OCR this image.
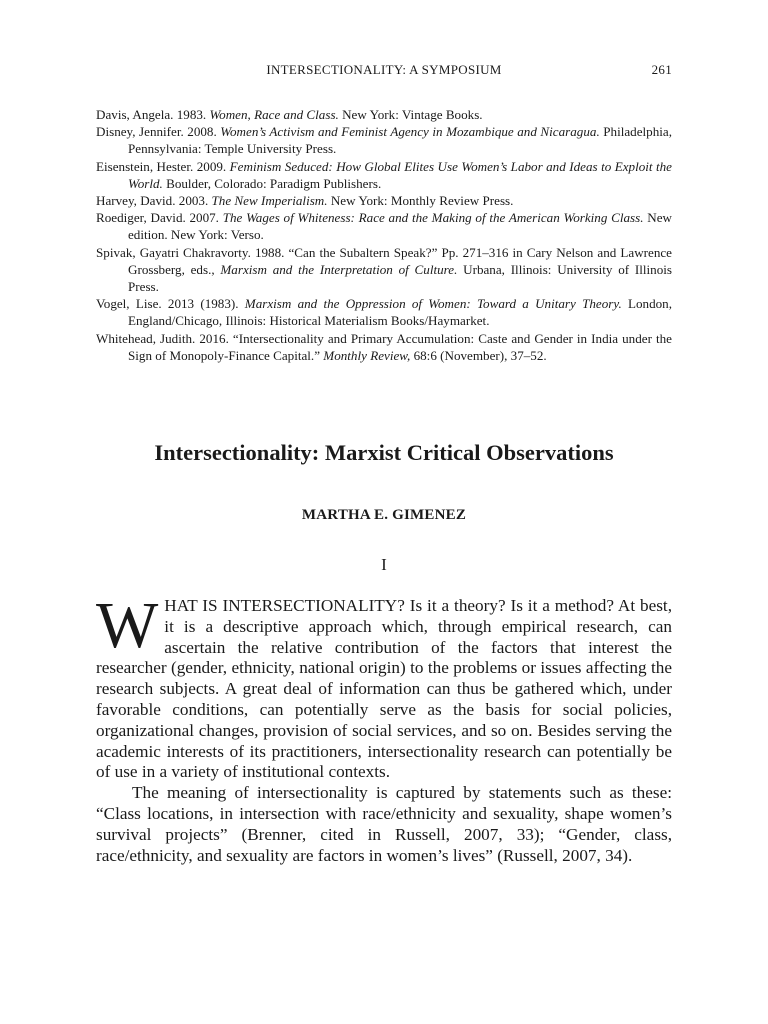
INTERSECTIONALITY: A SYMPOSIUM	261
Davis, Angela. 1983. Women, Race and Class. New York: Vintage Books.
Disney, Jennifer. 2008. Women’s Activism and Feminist Agency in Mozambique and Nicaragua. Philadelphia, Pennsylvania: Temple University Press.
Eisenstein, Hester. 2009. Feminism Seduced: How Global Elites Use Women’s Labor and Ideas to Exploit the World. Boulder, Colorado: Paradigm Publishers.
Harvey, David. 2003. The New Imperialism. New York: Monthly Review Press.
Roediger, David. 2007. The Wages of Whiteness: Race and the Making of the American Working Class. New edition. New York: Verso.
Spivak, Gayatri Chakravorty. 1988. “Can the Subaltern Speak?” Pp. 271–316 in Cary Nelson and Lawrence Grossberg, eds., Marxism and the Interpretation of Culture. Urbana, Illinois: University of Illinois Press.
Vogel, Lise. 2013 (1983). Marxism and the Oppression of Women: Toward a Unitary Theory. London, England/Chicago, Illinois: Historical Materialism Books/Haymarket.
Whitehead, Judith. 2016. “Intersectionality and Primary Accumulation: Caste and Gender in India under the Sign of Monopoly-Finance Capital.” Monthly Review, 68:6 (November), 37–52.
Intersectionality: Marxist Critical Observations
MARTHA E. GIMENEZ
I

WHAT IS INTERSECTIONALITY? Is it a theory? Is it a method? At best, it is a descriptive approach which, through empirical research, can ascertain the relative contribution of the factors that interest the researcher (gender, ethnicity, national origin) to the problems or issues affecting the research subjects. A great deal of information can thus be gathered which, under favorable conditions, can potentially serve as the basis for social policies, organizational changes, provision of social services, and so on. Besides serving the academic interests of its practitioners, intersectionality research can potentially be of use in a variety of institutional contexts.

The meaning of intersectionality is captured by statements such as these: “Class locations, in intersection with race/ethnicity and sexuality, shape women’s survival projects” (Brenner, cited in Russell, 2007, 33); “Gender, class, race/ethnicity, and sexuality are factors in women’s lives” (Russell, 2007, 34).
